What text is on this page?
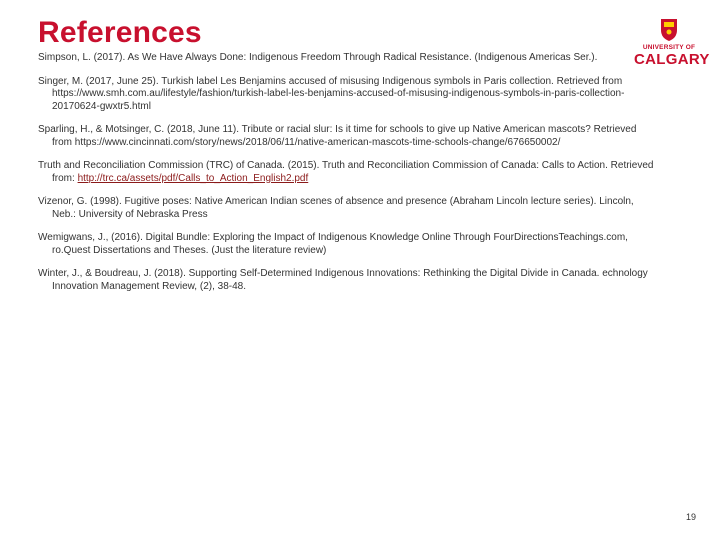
References	UNIVERSITY OF
CALGARY

Simpson, L. (2017). As We Have Always Done: Indigenous Freedom Through Radical Resistance. (Indigenous Americas Ser.).

Singer, M. (2017, June 25). Turkish label Les Benjamins accused of misusing Indigenous symbols in Paris collection. Retrieved from https://www.smh.com.au/lifestyle/fashion/turkish-label-les-benjamins-accused-of-misusing-indigenous-symbols-in-paris-collection-20170624-gwxtr5.html

Sparling, H., & Motsinger, C. (2018, June 11). Tribute or racial slur: Is it time for schools to give up Native American mascots? Retrieved from https://www.cincinnati.com/story/news/2018/06/11/native-american-mascots-time-schools-change/676650002/

Truth and Reconciliation Commission (TRC) of Canada. (2015). Truth and Reconciliation Commission of Canada: Calls to Action. Retrieved from: http://trc.ca/assets/pdf/Calls_to_Action_English2.pdf

Vizenor, G. (1998). Fugitive poses: Native American Indian scenes of absence and presence (Abraham Lincoln lecture series). Lincoln, Neb.: University of Nebraska Press

Wemigwans, J., (2016). Digital Bundle: Exploring the Impact of Indigenous Knowledge Online Through FourDirectionsTeachings.com, ro.Quest Dissertations and Theses. (Just the literature review)

Winter, J., & Boudreau, J. (2018). Supporting Self-Determined Indigenous Innovations: Rethinking the Digital Divide in Canada. echnology Innovation Management Review, (2), 38-48.

19
